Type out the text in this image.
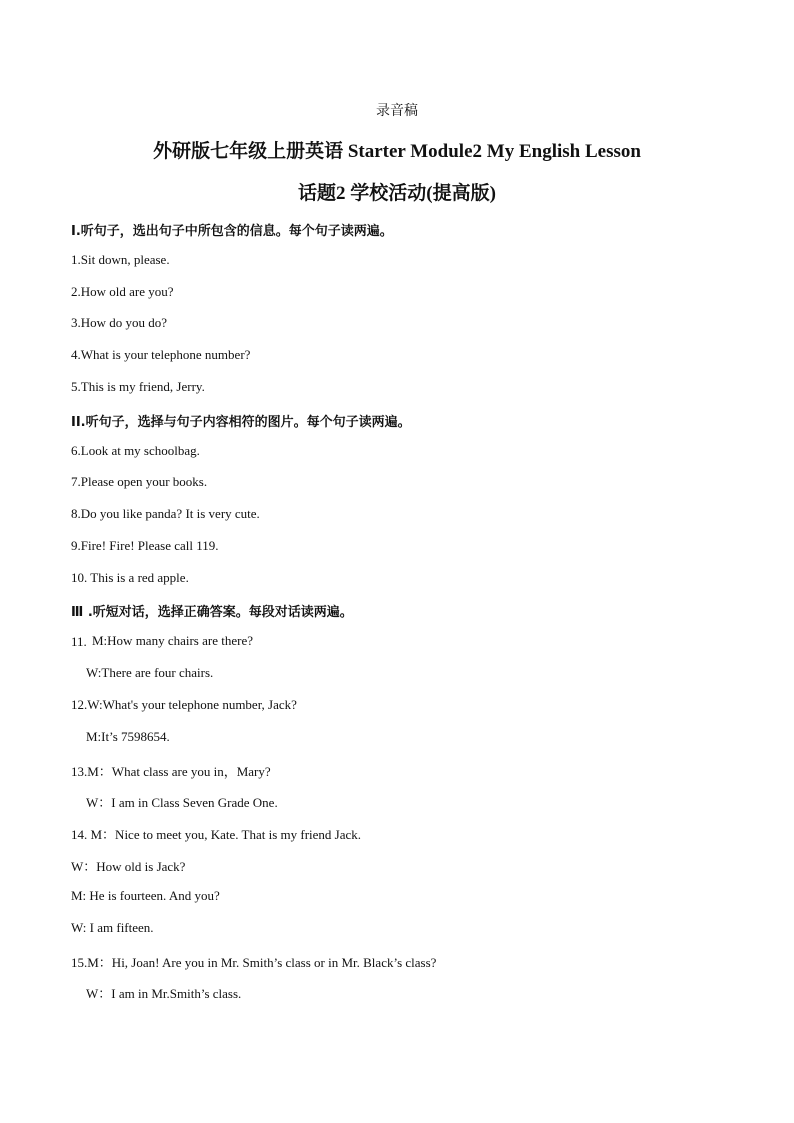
录音稿
外研版七年级上册英语 Starter Module2 My English Lesson
话题2 学校活动(提高版)
I.听句子，选出句子中所包含的信息。每个句子读两遍。
1.Sit down, please.
2.How old are you?
3.How do you do?
4.What is your telephone number?
5.This is my friend, Jerry.
II.听句子，选择与句子内容相符的图片。每个句子读两遍。
6.Look at my schoolbag.
7.Please open your books.
8.Do you like panda? It is very cute.
9.Fire! Fire! Please call 119.
10. This is a red apple.
Ⅲ .听短对话，选择正确答案。每段对话读两遍。
11. M:How many chairs are there?
W:There are four chairs.
12.W:What's your telephone number, Jack?
M:It’s 7598654.
13.M：What class are you in，Mary?
W：I am in Class Seven Grade One.
14. M：Nice to meet you, Kate. That is my friend Jack.
W：How old is Jack?
M: He is fourteen. And you?
W: I am fifteen.
15.M：Hi, Joan! Are you in Mr. Smith’s class or in Mr. Black’s class?
W：I am in Mr.Smith’s class.
